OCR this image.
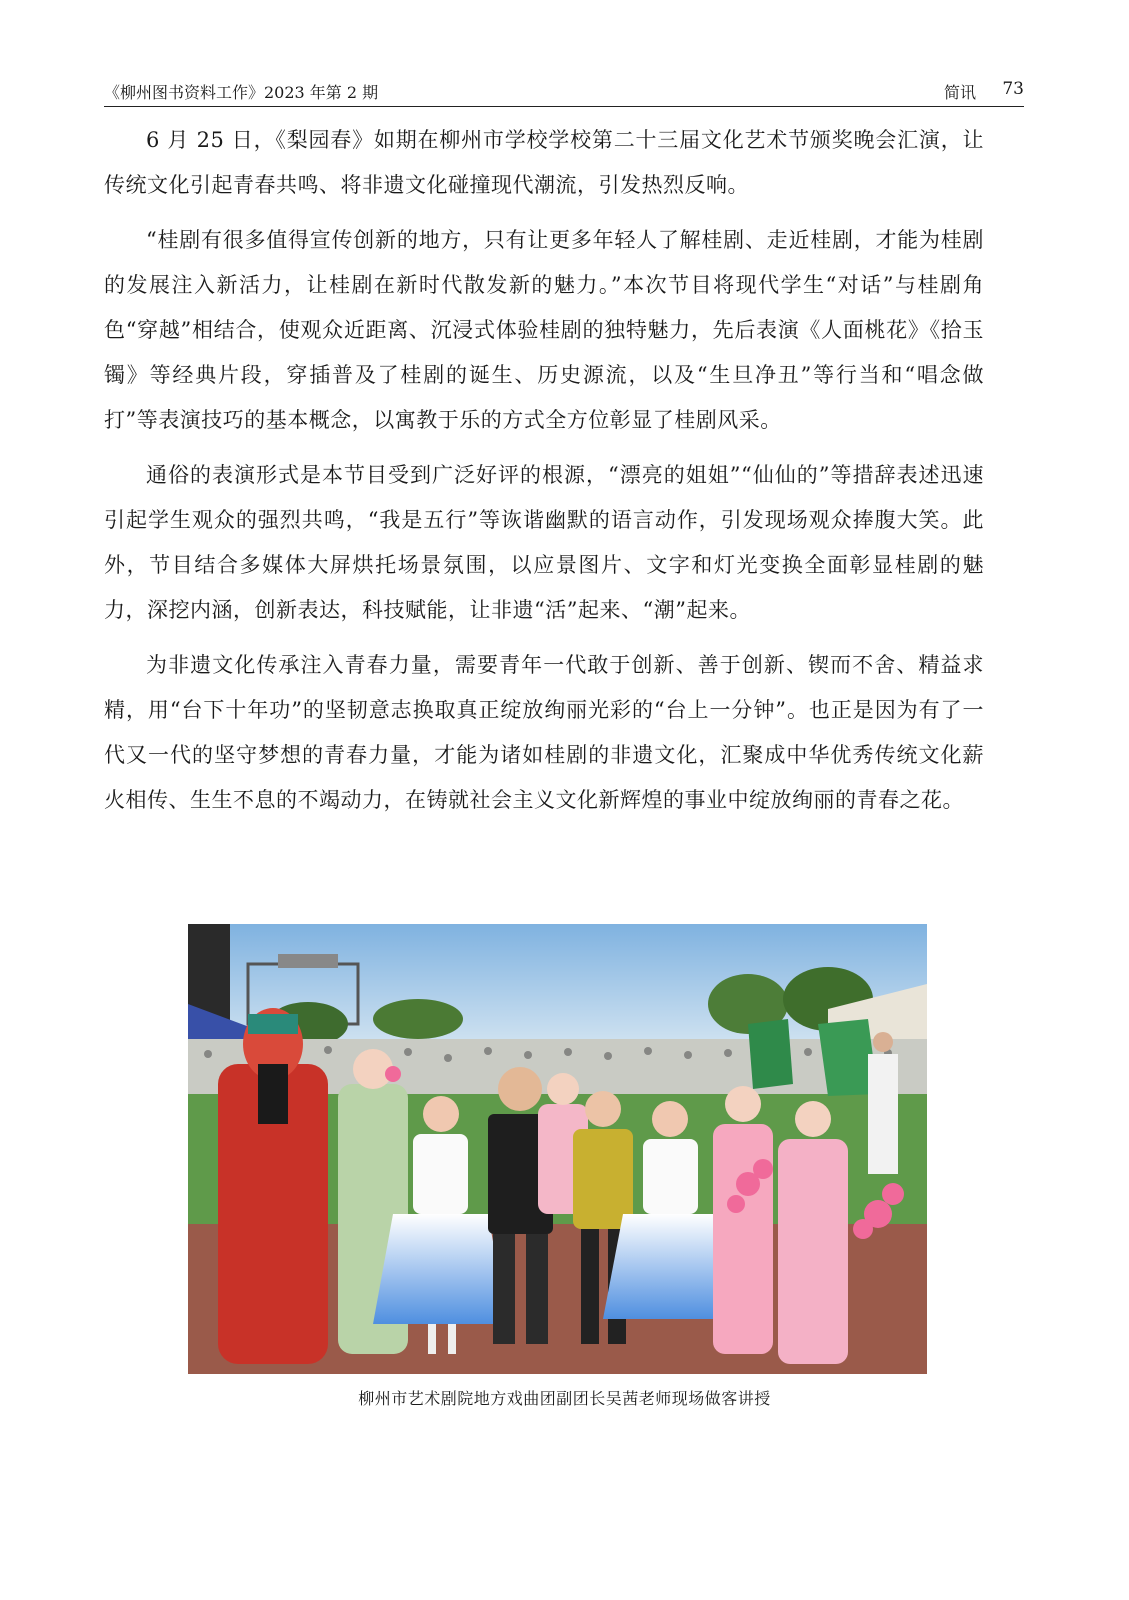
《柳州图书资料工作》2023 年第 2 期	简讯 73

6 月 25 日，《梨园春》如期在柳州市学校学校第二十三届文化艺术节颁奖晚会汇演，让传统文化引起青春共鸣、将非遗文化碰撞现代潮流，引发热烈反响。

“桂剧有很多值得宣传创新的地方，只有让更多年轻人了解桂剧、走近桂剧，才能为桂剧的发展注入新活力，让桂剧在新时代散发新的魅力。”本次节目将现代学生“对话”与桂剧角色“穿越”相结合，使观众近距离、沉浸式体验桂剧的独特魅力，先后表演《人面桃花》《拾玉镯》等经典片段，穿插普及了桂剧的诞生、历史源流，以及“生旦净丑”等行当和“唱念做打”等表演技巧的基本概念，以寓教于乐的方式全方位彰显了桂剧风采。

通俗的表演形式是本节目受到广泛好评的根源，“漂亮的姐姐”“仙仙的”等措辞表述迅速引起学生观众的强烈共鸣，“我是五行”等诙谐幽默的语言动作，引发现场观众捧腹大笑。此外，节目结合多媒体大屏烘托场景氛围，以应景图片、文字和灯光变换全面彰显桂剧的魅力，深挖内涵，创新表达，科技赋能，让非遗“活”起来、“潮”起来。

为非遗文化传承注入青春力量，需要青年一代敢于创新、善于创新、锲而不舍、精益求精，用“台下十年功”的坚韧意志换取真正绽放绚丽光彩的“台上一分钟”。也正是因为有了一代又一代的坚守梦想的青春力量，才能为诸如桂剧的非遗文化，汇聚成中华优秀传统文化薪火相传、生生不息的不竭动力，在铸就社会主义文化新辉煌的事业中绽放绚丽的青春之花。

柳州市艺术剧院地方戏曲团副团长吴茜老师现场做客讲授
